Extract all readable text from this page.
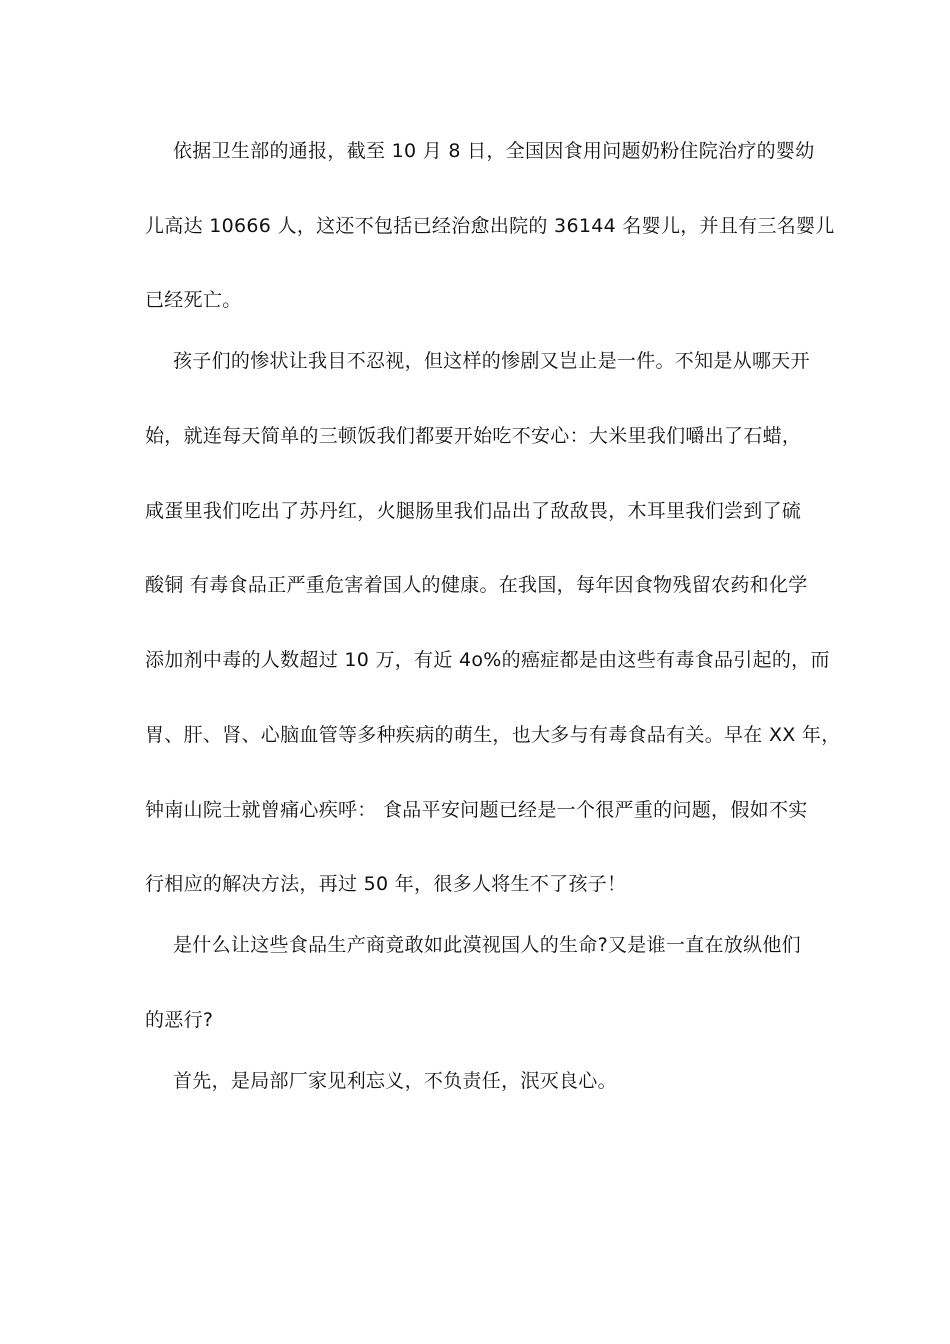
依据卫生部的通报，截至 10 月 8 日，全国因食用问题奶粉住院治疗的婴幼
儿高达 10666 人，这还不包括已经治愈出院的 36144 名婴儿，并且有三名婴儿
已经死亡。
孩子们的惨状让我目不忍视，但这样的惨剧又岂止是一件。不知是从哪天开
始，就连每天简单的三顿饭我们都要开始吃不安心：大米里我们嚼出了石蜡，
咸蛋里我们吃出了苏丹红，火腿肠里我们品出了敌敌畏，木耳里我们尝到了硫
酸铜 有毒食品正严重危害着国人的健康。在我国，每年因食物残留农药和化学
添加剂中毒的人数超过 10 万，有近 4o%的癌症都是由这些有毒食品引起的，而
胃、肝、肾、心脑血管等多种疾病的萌生，也大多与有毒食品有关。早在 XX 年，
钟南山院士就曾痛心疾呼： 食品平安问题已经是一个很严重的问题，假如不实
行相应的解决方法，再过 50 年，很多人将生不了孩子！
是什么让这些食品生产商竟敢如此漠视国人的生命?又是谁一直在放纵他们
的恶行?
首先，是局部厂家见利忘义，不负责任，泯灭良心。
